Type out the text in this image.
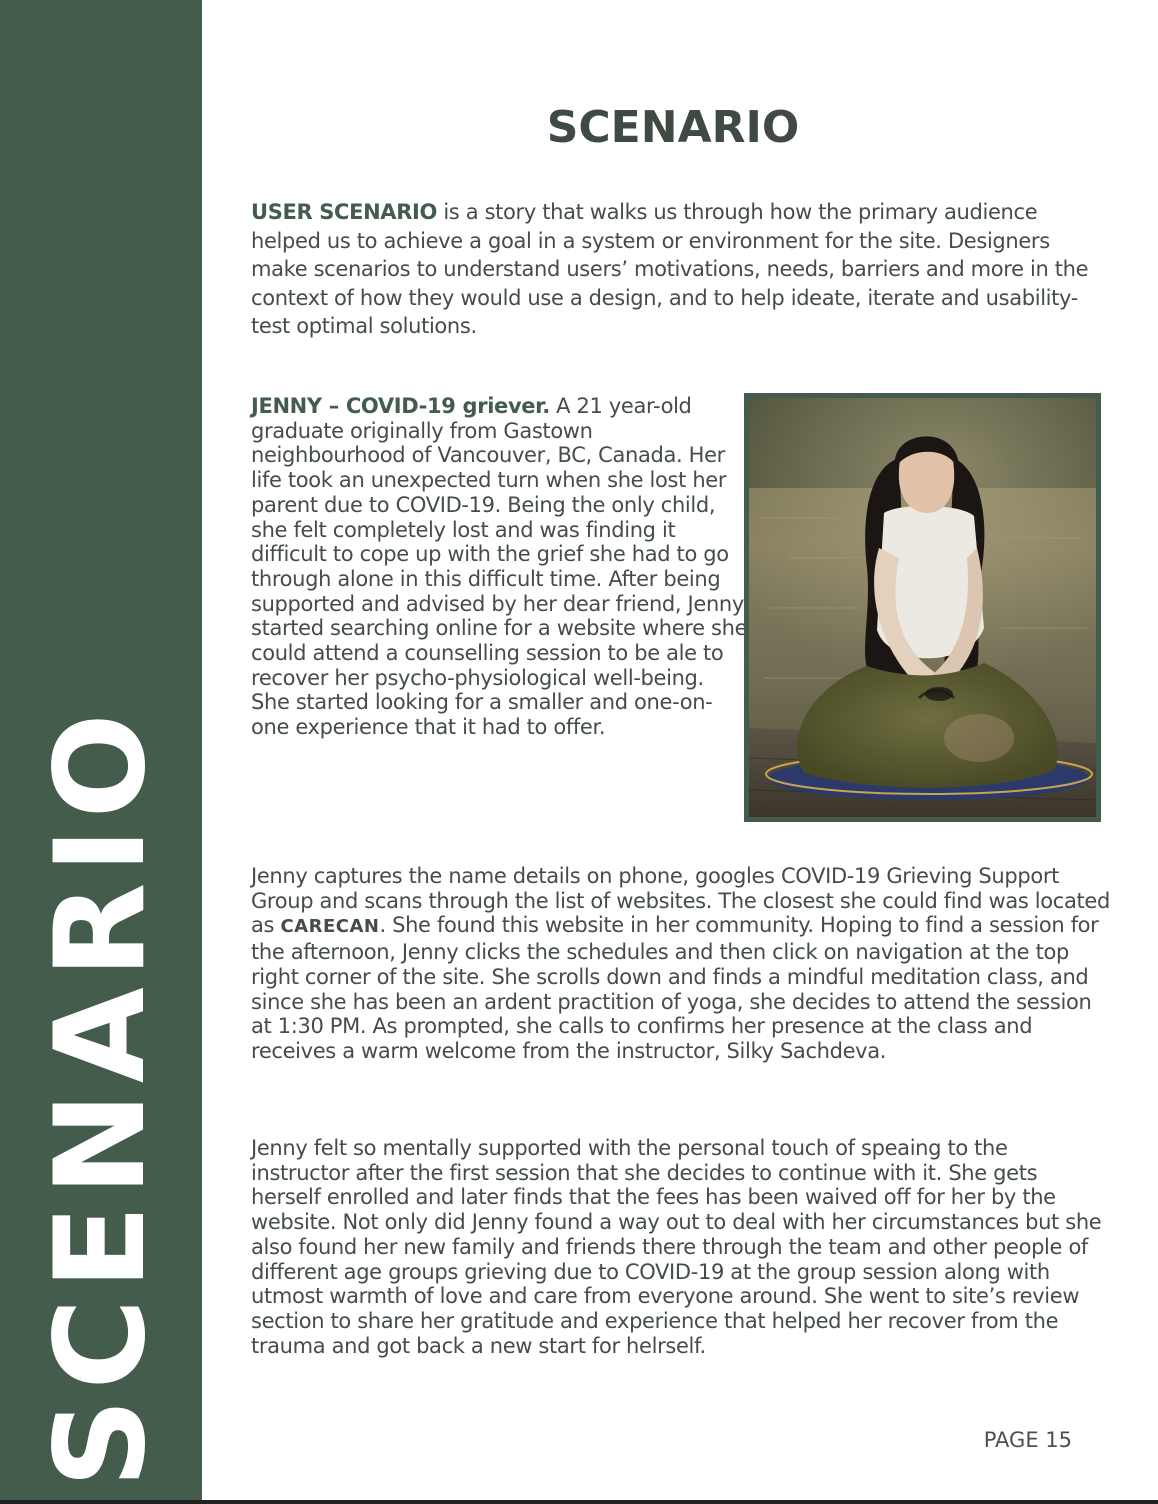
SCENARIO
SCENARIO

USER SCENARIO is a story that walks us through how the primary audience helped us to achieve a goal in a system or environment for the site. Designers make scenarios to understand users’ motivations, needs, barriers and more in the context of how they would use a design, and to help ideate, iterate and usability-test optimal solutions.

JENNY – COVID-19 griever. A 21 year-old graduate originally from Gastown neighbourhood of Vancouver, BC, Canada. Her life took an unexpected turn when she lost her parent due to COVID-19. Being the only child, she felt completely lost and was finding it difficult to cope up with the grief she had to go through alone in this difficult time. After being supported and advised by her dear friend, Jenny started searching online for a website where she could attend a counselling session to be ale to recover her psycho-physiological well-being. She started looking for a smaller and one-on-one experience that it had to offer.

Jenny captures the name details on phone, googles COVID-19 Grieving Support Group and scans through the list of websites. The closest she could find was located as CARECAN. She found this website in her community. Hoping to find a session for the afternoon, Jenny clicks the schedules and then click on navigation at the top right corner of the site. She scrolls down and finds a mindful meditation class, and since she has been an ardent practition of yoga, she decides to attend the session at 1:30 PM. As prompted, she calls to confirms her presence at the class and receives a warm welcome from the instructor, Silky Sachdeva.

Jenny felt so mentally supported with the personal touch of speaing to the instructor after the first session that she decides to continue with it. She gets herself enrolled and later finds that the fees has been waived off for her by the website. Not only did Jenny found a way out to deal with her circumstances but she also found her new family and friends there through the team and other people of different age groups grieving due to COVID-19 at the group session along with utmost warmth of love and care from everyone around. She went to site’s review section to share her gratitude and experience that helped her recover from the trauma and got back a new start for helrself.

PAGE 15
